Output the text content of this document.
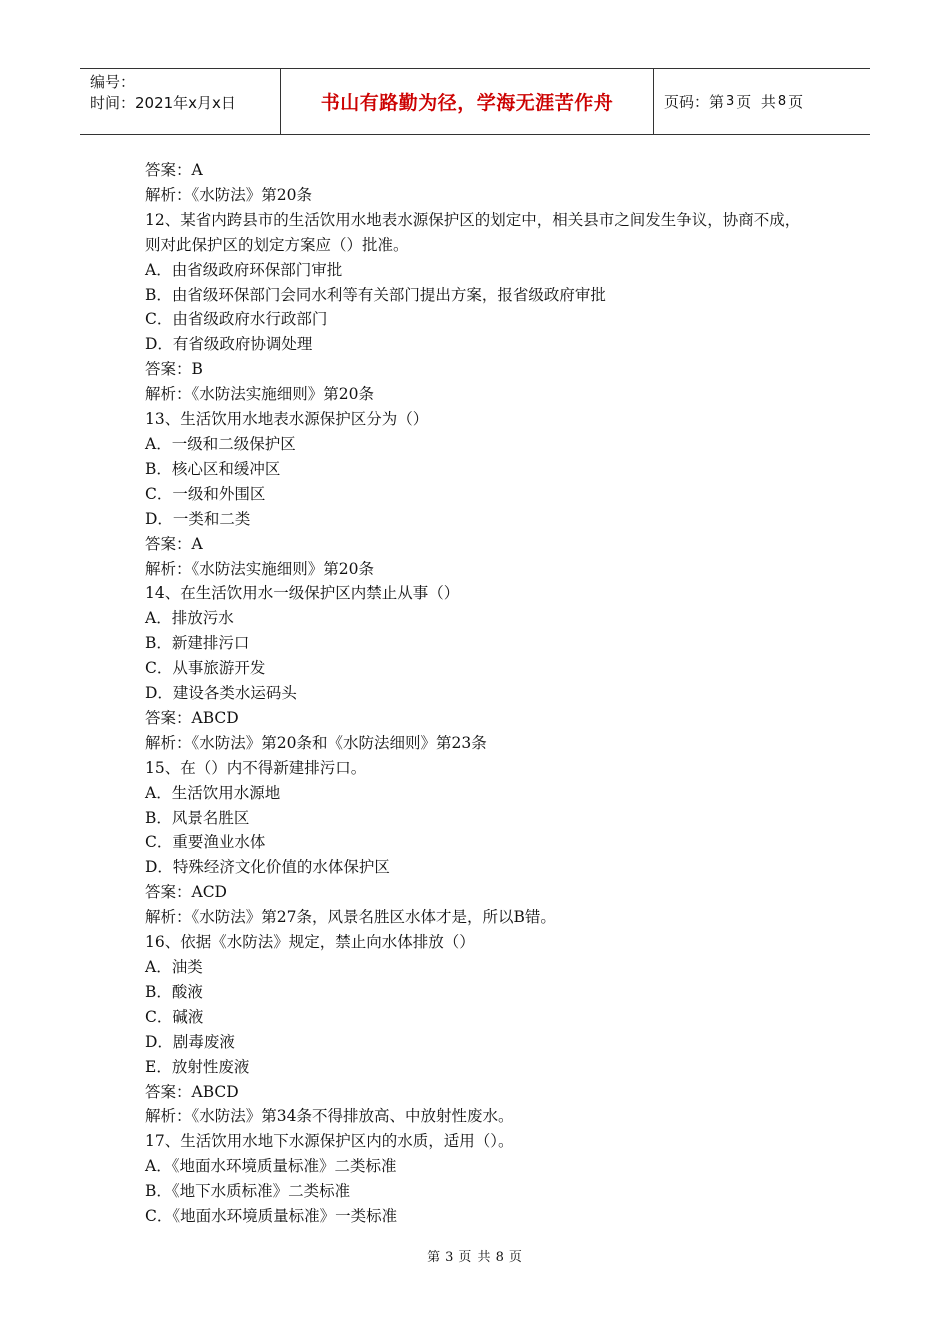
编号：
时间：2021年x月x日	书山有路勤为径，学海无涯苦作舟	页码：第 3 页  共 8 页
答案：A
解析：《水防法》第20条
12、某省内跨县市的生活饮用水地表水源保护区的划定中，相关县市之间发生争议，协商不成，则对此保护区的划定方案应（）批准。
A．由省级政府环保部门审批
B．由省级环保部门会同水利等有关部门提出方案，报省级政府审批
C．由省级政府水行政部门
D．有省级政府协调处理
答案：B
解析：《水防法实施细则》第20条
13、生活饮用水地表水源保护区分为（）
A．一级和二级保护区
B．核心区和缓冲区
C．一级和外围区
D．一类和二类
答案：A
解析：《水防法实施细则》第20条
14、在生活饮用水一级保护区内禁止从事（）
A．排放污水
B．新建排污口
C．从事旅游开发
D．建设各类水运码头
答案：ABCD
解析：《水防法》第20条和《水防法细则》第23条
15、在（）内不得新建排污口。
A．生活饮用水源地
B．风景名胜区
C．重要渔业水体
D．特殊经济文化价值的水体保护区
答案：ACD
解析：《水防法》第27条，风景名胜区水体才是，所以B错。
16、依据《水防法》规定，禁止向水体排放（）
A．油类
B．酸液
C．碱液
D．剧毒废液
E．放射性废液
答案：ABCD
解析：《水防法》第34条不得排放高、中放射性废水。
17、生活饮用水地下水源保护区内的水质，适用（）。
A．《地面水环境质量标准》二类标准
B．《地下水质标准》二类标准
C．《地面水环境质量标准》一类标准
第 3 页 共 8 页
